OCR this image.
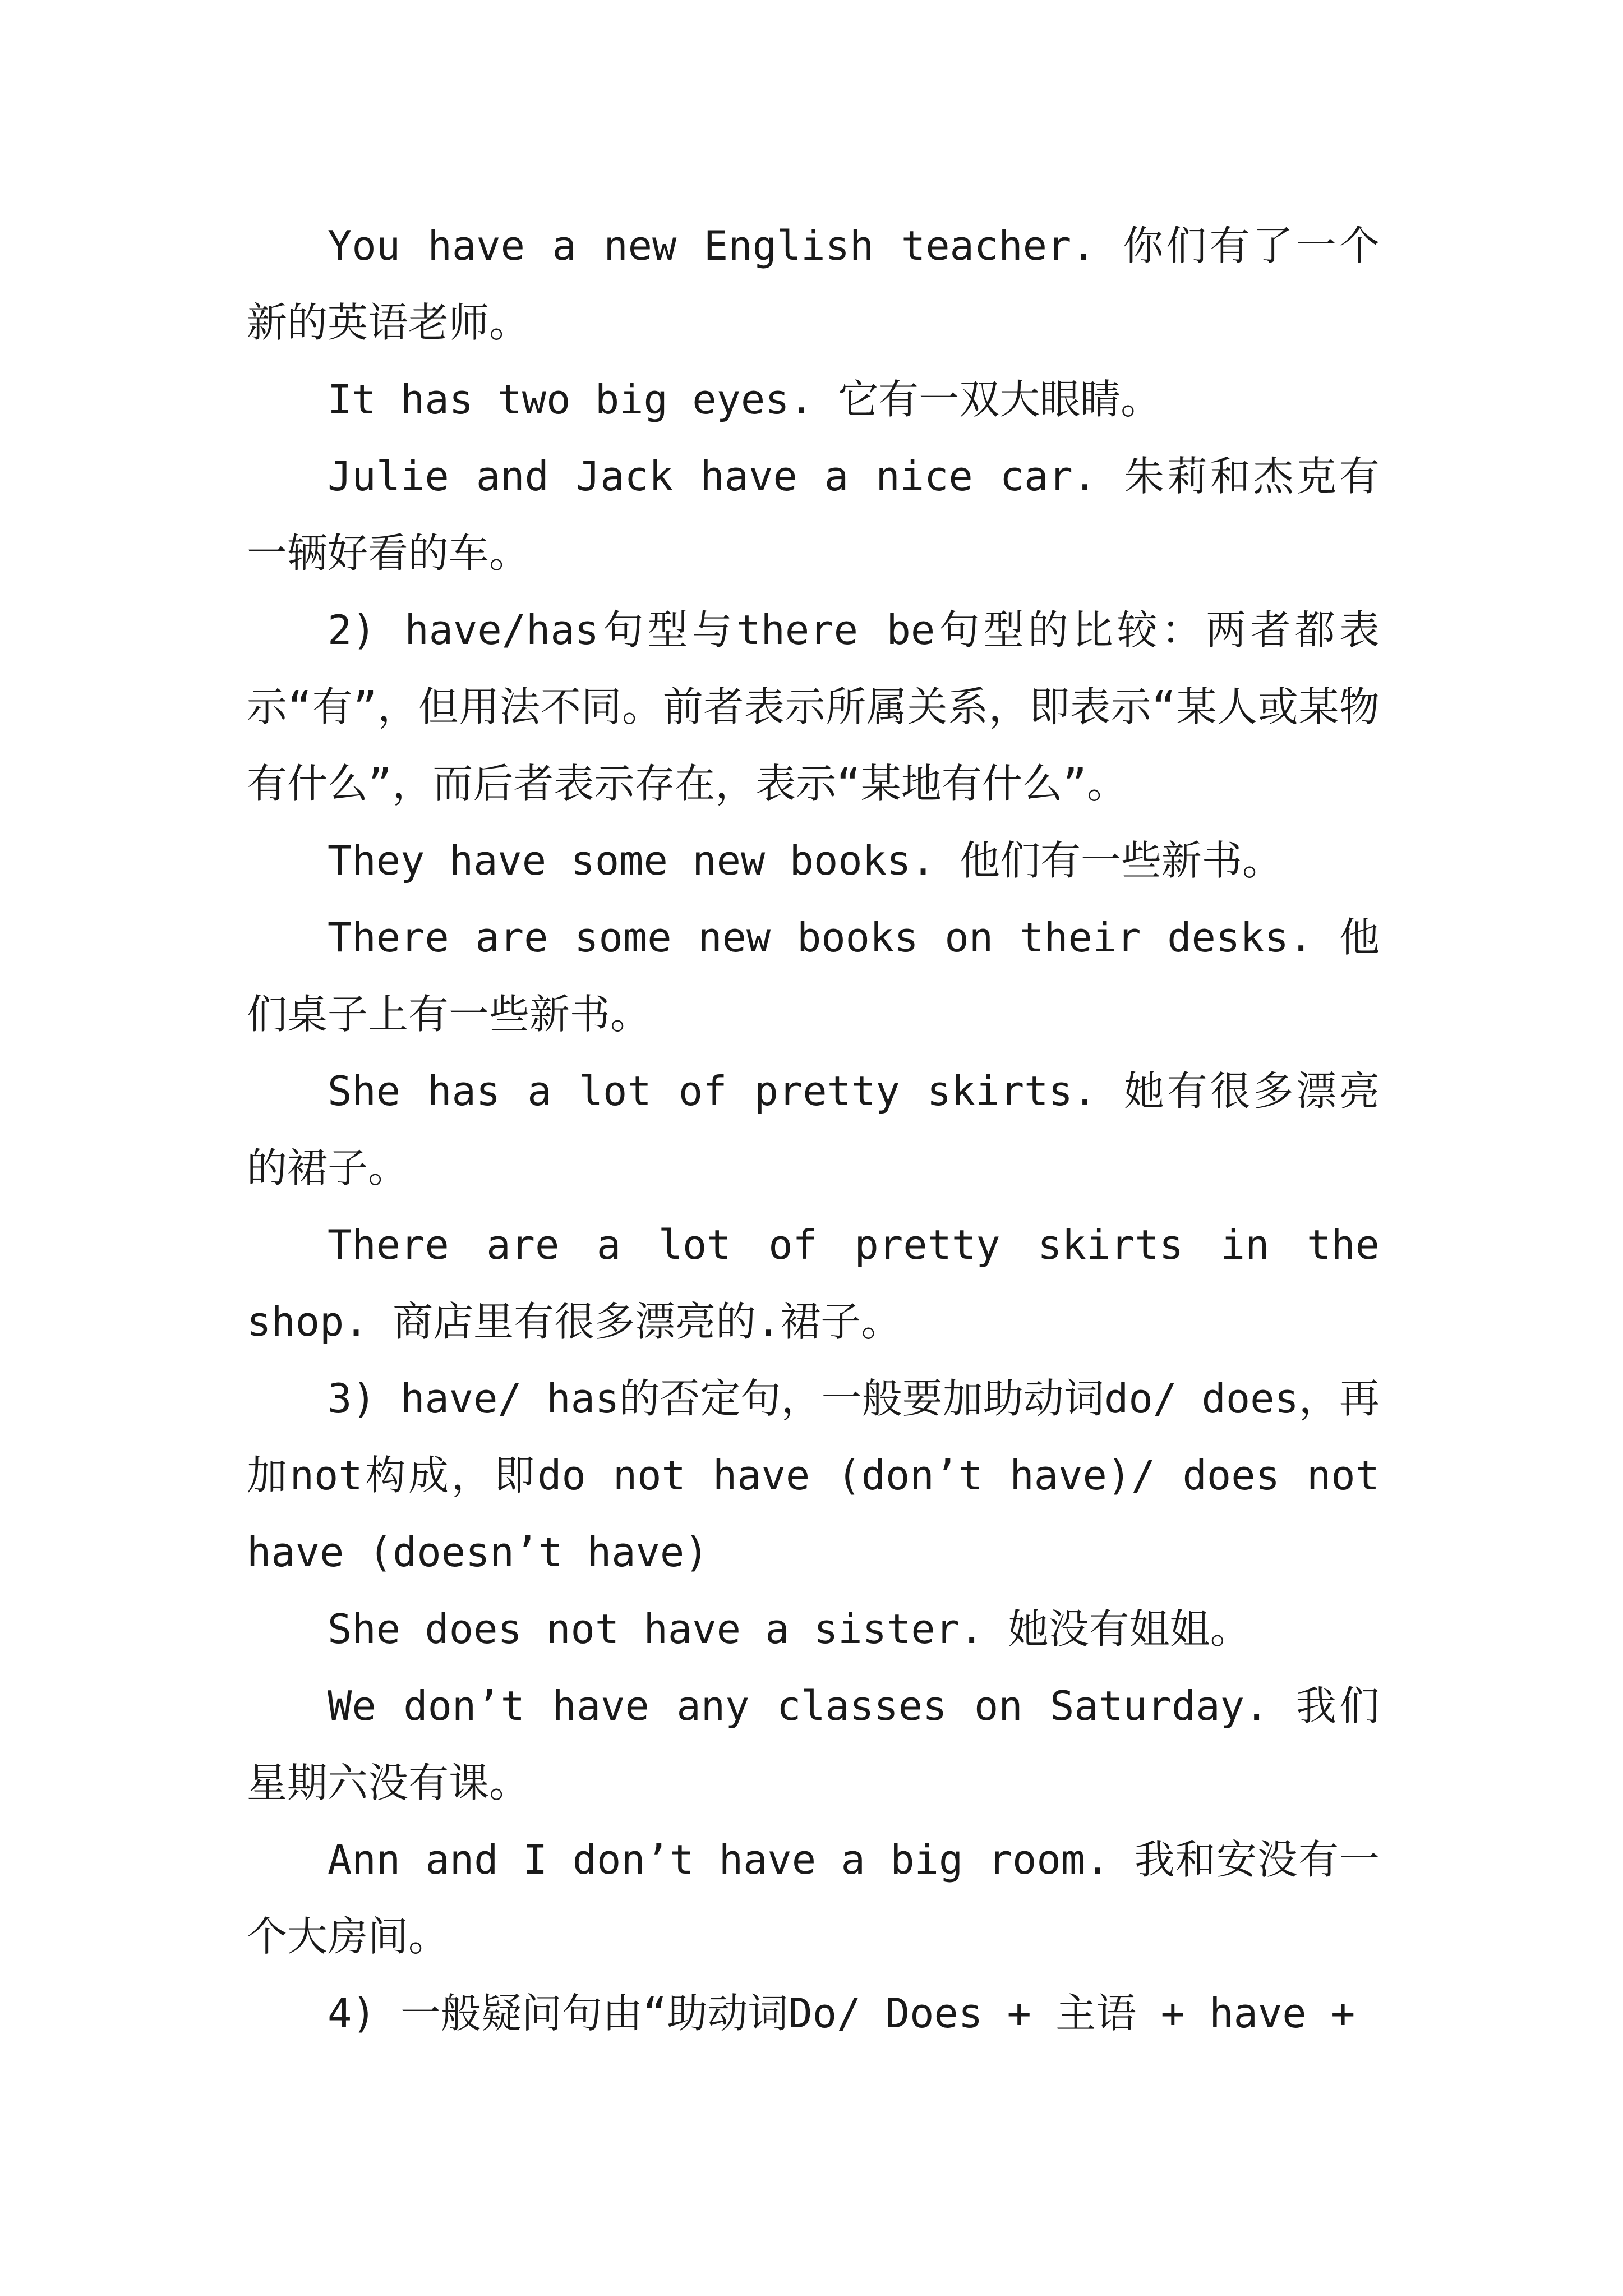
You have a new English teacher. 你们有了一个新的英语老师。

It has two big eyes. 它有一双大眼睛。

Julie and Jack have a nice car. 朱莉和杰克有一辆好看的车。

2) have/has句型与there be句型的比较：两者都表示“有”，但用法不同。前者表示所属关系，即表示“某人或某物有什么”，而后者表示存在，表示“某地有什么”。

They have some new books. 他们有一些新书。

There are some new books on their desks. 他们桌子上有一些新书。

She has a lot of pretty skirts. 她有很多漂亮的裙子。

There are a lot of pretty skirts in the shop. 商店里有很多漂亮的.裙子。

3) have/ has的否定句，一般要加助动词do/ does，再加not构成，即do not have (don’t have)/ does not have (doesn’t have)

She does not have a sister. 她没有姐姐。

We don’t have any classes on Saturday. 我们星期六没有课。

Ann and I don’t have a big room. 我和安没有一个大房间。

4) 一般疑问句由“助动词Do/ Does + 主语 + have +
